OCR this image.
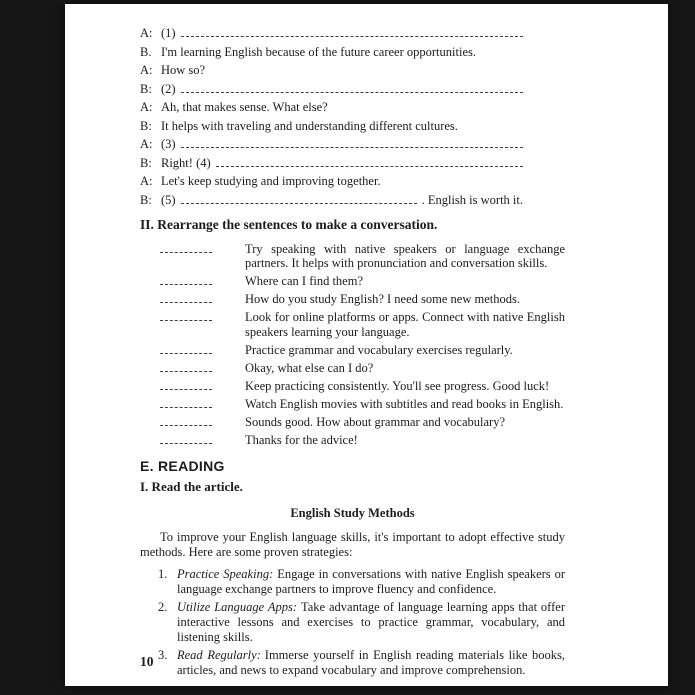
A: (1)
B. I'm learning English because of the future career opportunities.
A: How so?
B: (2)
A: Ah, that makes sense. What else?
B: It helps with traveling and understanding different cultures.
A: (3)
B: Right! (4)
A: Let's keep studying and improving together.
B: (5)	. English is worth it.
II. Rearrange the sentences to make a conversation.
Try speaking with native speakers or language exchange partners. It helps with pronunciation and conversation skills.
Where can I find them?
How do you study English? I need some new methods.
Look for online platforms or apps. Connect with native English speakers learning your language.
Practice grammar and vocabulary exercises regularly.
Okay, what else can I do?
Keep practicing consistently. You'll see progress. Good luck!
Watch English movies with subtitles and read books in English.
Sounds good. How about grammar and vocabulary?
Thanks for the advice!
E. READING
I. Read the article.
English Study Methods
To improve your English language skills, it's important to adopt effective study methods. Here are some proven strategies:
1. Practice Speaking: Engage in conversations with native English speakers or language exchange partners to improve fluency and confidence.
2. Utilize Language Apps: Take advantage of language learning apps that offer interactive lessons and exercises to practice grammar, vocabulary, and listening skills.
3. Read Regularly: Immerse yourself in English reading materials like books, articles, and news to expand vocabulary and improve comprehension.
10
